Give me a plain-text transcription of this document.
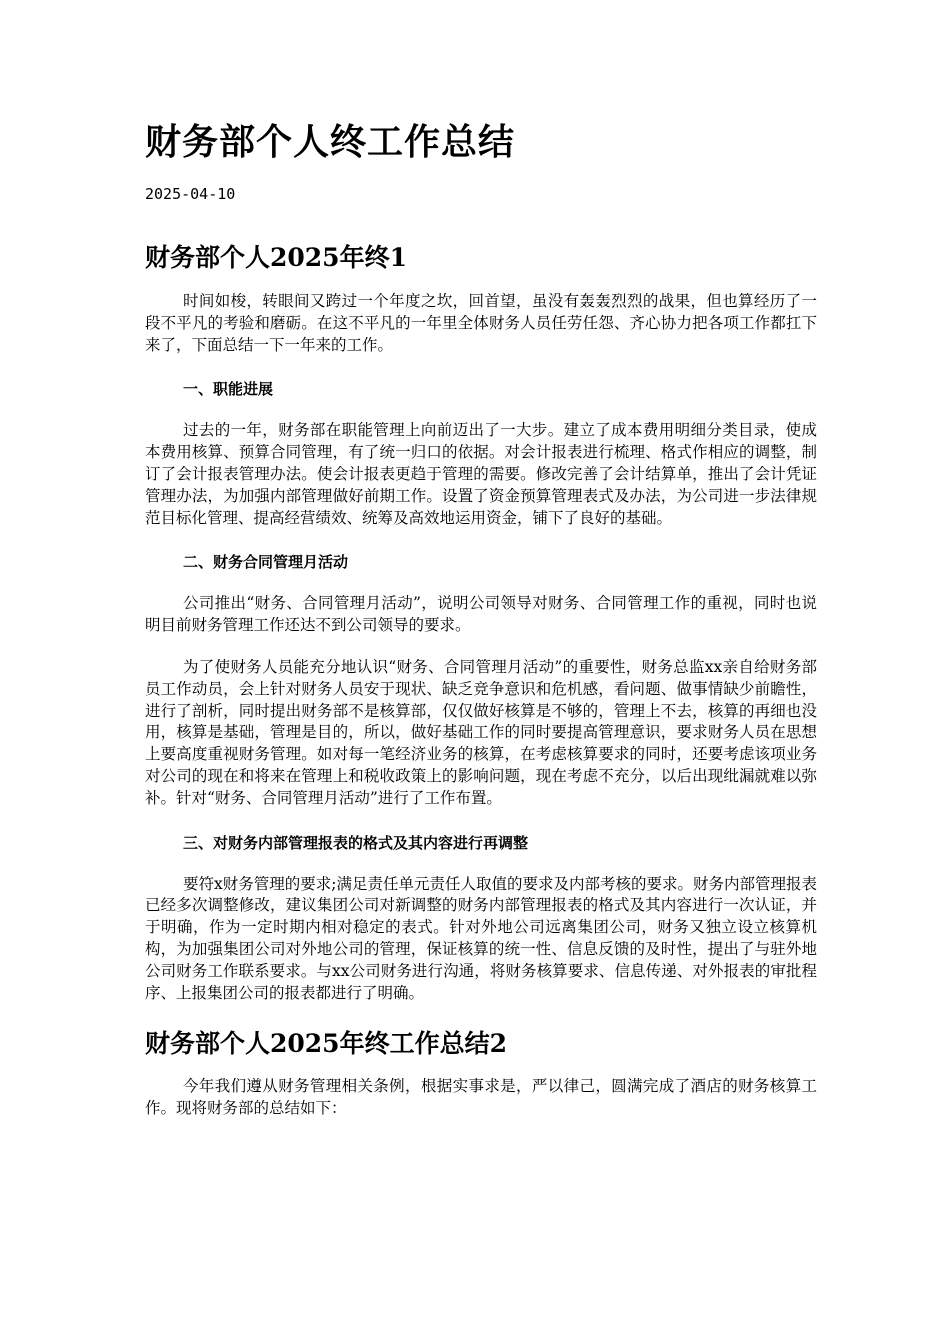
财务部个人终工作总结
2025-04-10
财务部个人2025年终1

时间如梭，转眼间又跨过一个年度之坎，回首望，虽没有轰轰烈烈的战果，但也算经历了一段不平凡的考验和磨砺。在这不平凡的一年里全体财务人员任劳任怨、齐心协力把各项工作都扛下来了，下面总结一下一年来的工作。

一、职能进展

过去的一年，财务部在职能管理上向前迈出了一大步。建立了成本费用明细分类目录，使成本费用核算、预算合同管理，有了统一归口的依据。对会计报表进行梳理、格式作相应的调整，制订了会计报表管理办法。使会计报表更趋于管理的需要。修改完善了会计结算单，推出了会计凭证管理办法，为加强内部管理做好前期工作。设置了资金预算管理表式及办法，为公司进一步法律规范目标化管理、提高经营绩效、统筹及高效地运用资金，铺下了良好的基础。

二、财务合同管理月活动

公司推出“财务、合同管理月活动”，说明公司领导对财务、合同管理工作的重视，同时也说明目前财务管理工作还达不到公司领导的要求。

为了使财务人员能充分地认识“财务、合同管理月活动”的重要性，财务总监xx亲自给财务部员工作动员，会上针对财务人员安于现状、缺乏竞争意识和危机感，看问题、做事情缺少前瞻性，进行了剖析，同时提出财务部不是核算部，仅仅做好核算是不够的，管理上不去，核算的再细也没用，核算是基础，管理是目的，所以，做好基础工作的同时要提高管理意识，要求财务人员在思想上要高度重视财务管理。如对每一笔经济业务的核算，在考虑核算要求的同时，还要考虑该项业务对公司的现在和将来在管理上和税收政策上的影响问题，现在考虑不充分，以后出现纰漏就难以弥补。针对“财务、合同管理月活动”进行了工作布置。

三、对财务内部管理报表的格式及其内容进行再调整

要符x财务管理的要求;满足责任单元责任人取值的要求及内部考核的要求。财务内部管理报表已经多次调整修改，建议集团公司对新调整的财务内部管理报表的格式及其内容进行一次认证，并于明确，作为一定时期内相对稳定的表式。针对外地公司远离集团公司，财务又独立设立核算机构，为加强集团公司对外地公司的管理，保证核算的统一性、信息反馈的及时性，提出了与驻外地公司财务工作联系要求。与xx公司财务进行沟通，将财务核算要求、信息传递、对外报表的审批程序、上报集团公司的报表都进行了明确。

财务部个人2025年终工作总结2

今年我们遵从财务管理相关条例，根据实事求是，严以律己，圆满完成了酒店的财务核算工作。现将财务部的总结如下：
